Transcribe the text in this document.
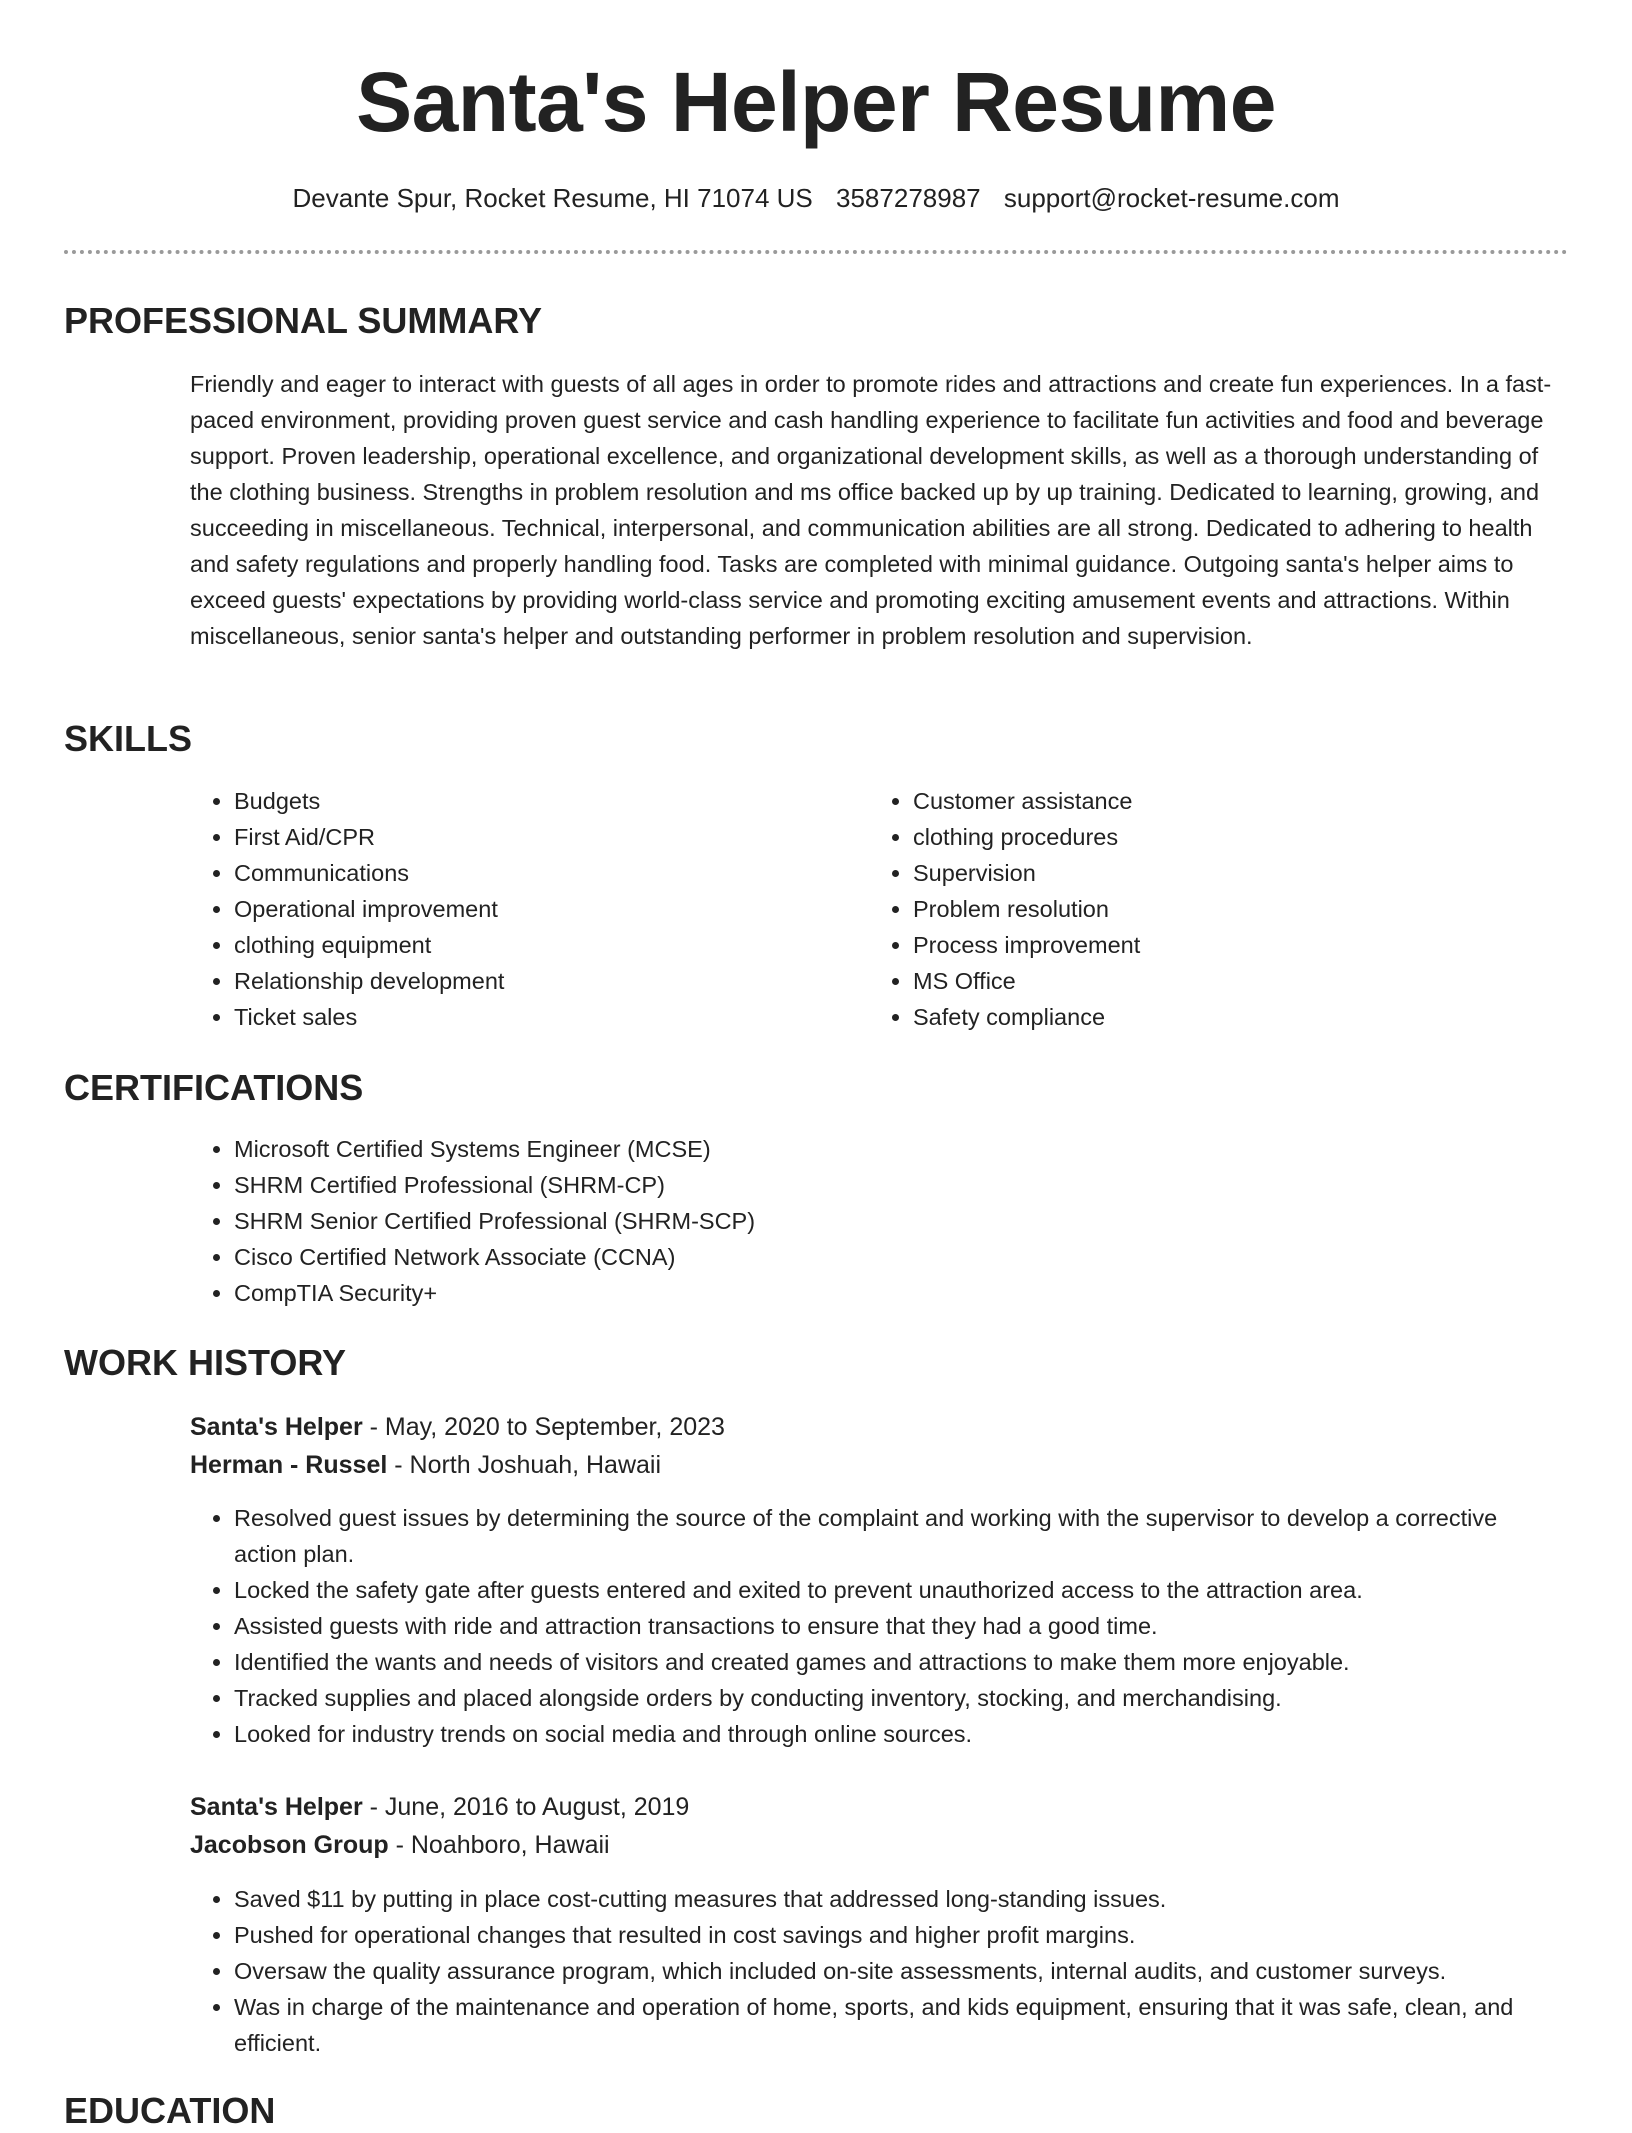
Santa's Helper Resume
Devante Spur, Rocket Resume, HI 71074 US 3587278987 support@rocket-resume.com
PROFESSIONAL SUMMARY

Friendly and eager to interact with guests of all ages in order to promote rides and attractions and create fun experiences. In a fast-paced environment, providing proven guest service and cash handling experience to facilitate fun activities and food and beverage support. Proven leadership, operational excellence, and organizational development skills, as well as a thorough understanding of the clothing business. Strengths in problem resolution and ms office backed up by up training. Dedicated to learning, growing, and succeeding in miscellaneous. Technical, interpersonal, and communication abilities are all strong. Dedicated to adhering to health and safety regulations and properly handling food. Tasks are completed with minimal guidance. Outgoing santa's helper aims to exceed guests' expectations by providing world-class service and promoting exciting amusement events and attractions. Within miscellaneous, senior santa's helper and outstanding performer in problem resolution and supervision.

SKILLS
• Budgets
• First Aid/CPR
• Communications
• Operational improvement
• clothing equipment
• Relationship development
• Ticket sales
• Customer assistance
• clothing procedures
• Supervision
• Problem resolution
• Process improvement
• MS Office
• Safety compliance
CERTIFICATIONS
• Microsoft Certified Systems Engineer (MCSE)
• SHRM Certified Professional (SHRM-CP)
• SHRM Senior Certified Professional (SHRM-SCP)
• Cisco Certified Network Associate (CCNA)
• CompTIA Security+
WORK HISTORY
Santa's Helper - May, 2020 to September, 2023
Herman - Russel - North Joshuah, Hawaii
• Resolved guest issues by determining the source of the complaint and working with the supervisor to develop a corrective action plan.
• Locked the safety gate after guests entered and exited to prevent unauthorized access to the attraction area.
• Assisted guests with ride and attraction transactions to ensure that they had a good time.
• Identified the wants and needs of visitors and created games and attractions to make them more enjoyable.
• Tracked supplies and placed alongside orders by conducting inventory, stocking, and merchandising.
• Looked for industry trends on social media and through online sources.
Santa's Helper - June, 2016 to August, 2019
Jacobson Group - Noahboro, Hawaii
• Saved $11 by putting in place cost-cutting measures that addressed long-standing issues.
• Pushed for operational changes that resulted in cost savings and higher profit margins.
• Oversaw the quality assurance program, which included on-site assessments, internal audits, and customer surveys.
• Was in charge of the maintenance and operation of home, sports, and kids equipment, ensuring that it was safe, clean, and efficient.
EDUCATION
